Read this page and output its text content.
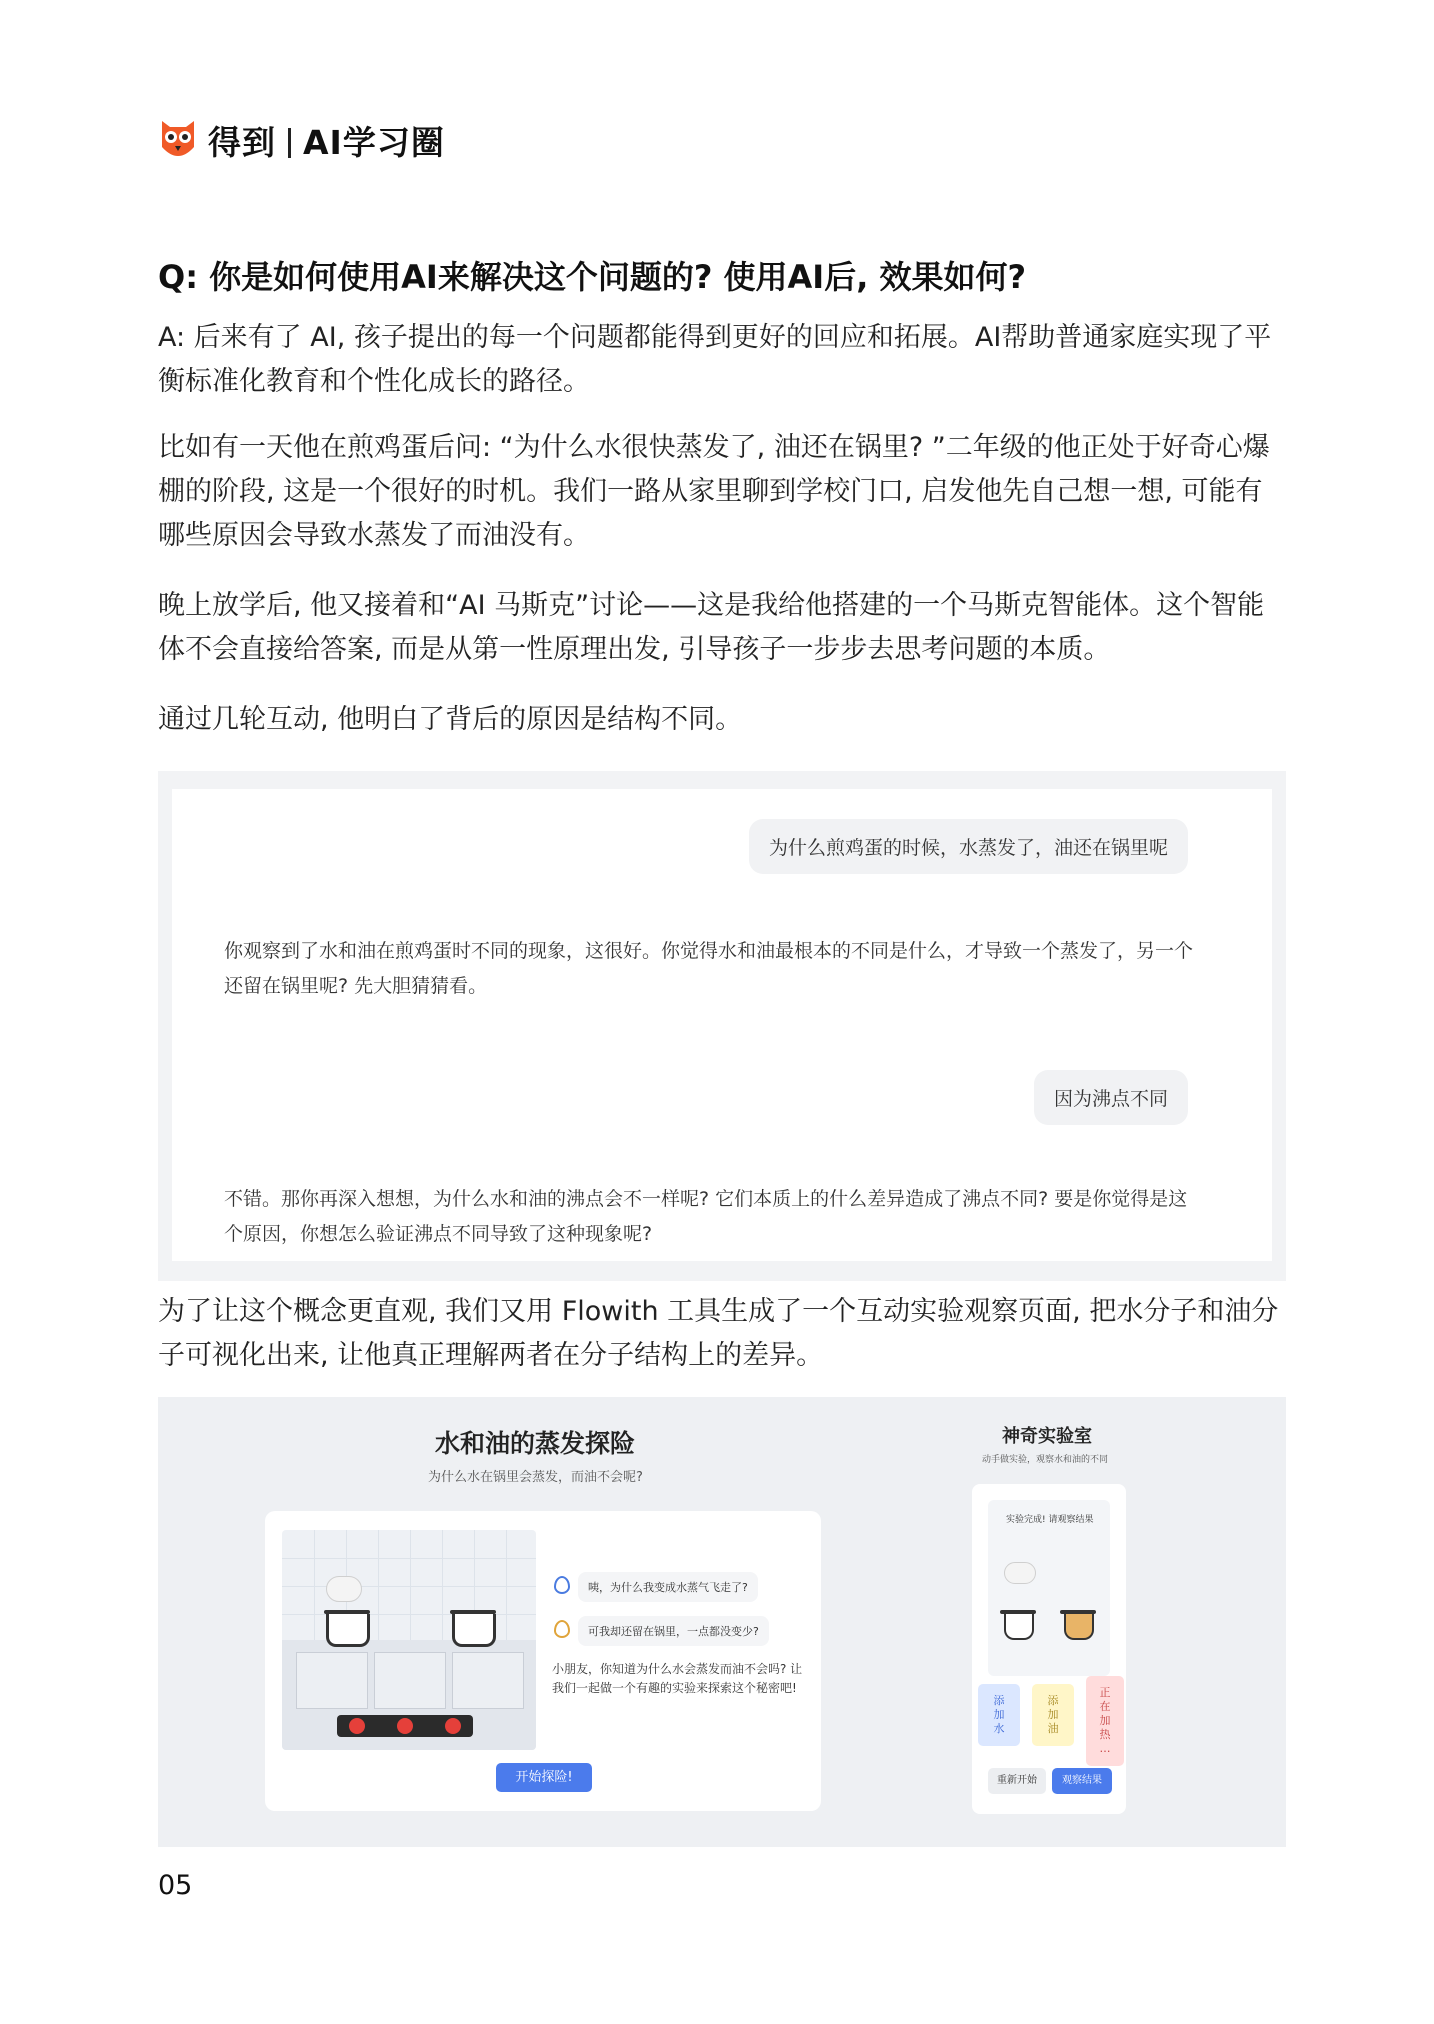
得到 AI学习圈
Q: 你是如何使用AI来解决这个问题的? 使用AI后, 效果如何?

A: 后来有了 AI, 孩子提出的每一个问题都能得到更好的回应和拓展。AI帮助普通家庭实现了平衡标准化教育和个性化成长的路径。

比如有一天他在煎鸡蛋后问: “为什么水很快蒸发了, 油还在锅里? ”二年级的他正处于好奇心爆棚的阶段, 这是一个很好的时机。我们一路从家里聊到学校门口, 启发他先自己想一想, 可能有哪些原因会导致水蒸发了而油没有。

晚上放学后, 他又接着和“AI 马斯克”讨论——这是我给他搭建的一个马斯克智能体。这个智能体不会直接给答案, 而是从第一性原理出发, 引导孩子一步步去思考问题的本质。

通过几轮互动, 他明白了背后的原因是结构不同。

为什么煎鸡蛋的时候，水蒸发了，油还在锅里呢

你观察到了水和油在煎鸡蛋时不同的现象，这很好。你觉得水和油最根本的不同是什么，才导致一个蒸发了，另一个还留在锅里呢? 先大胆猜猜看。

因为沸点不同

不错。那你再深入想想，为什么水和油的沸点会不一样呢? 它们本质上的什么差异造成了沸点不同? 要是你觉得是这个原因，你想怎么验证沸点不同导致了这种现象呢?

为了让这个概念更直观, 我们又用 Flowith 工具生成了一个互动实验观察页面, 把水分子和油分子可视化出来, 让他真正理解两者在分子结构上的差异。

水和油的蒸发探险
为什么水在锅里会蒸发，而油不会呢?
咦，为什么我变成水蒸气飞走了?
可我却还留在锅里，一点都没变少?

小朋友，你知道为什么水会蒸发而油不会吗? 让我们一起做一个有趣的实验来探索这个秘密吧!

开始探险!
神奇实验室
动手做实验，观察水和油的不同
实验完成! 请观察结果
添
加
水
添
加
油
正
在
加
热
…
重新开始	观察结果
05
